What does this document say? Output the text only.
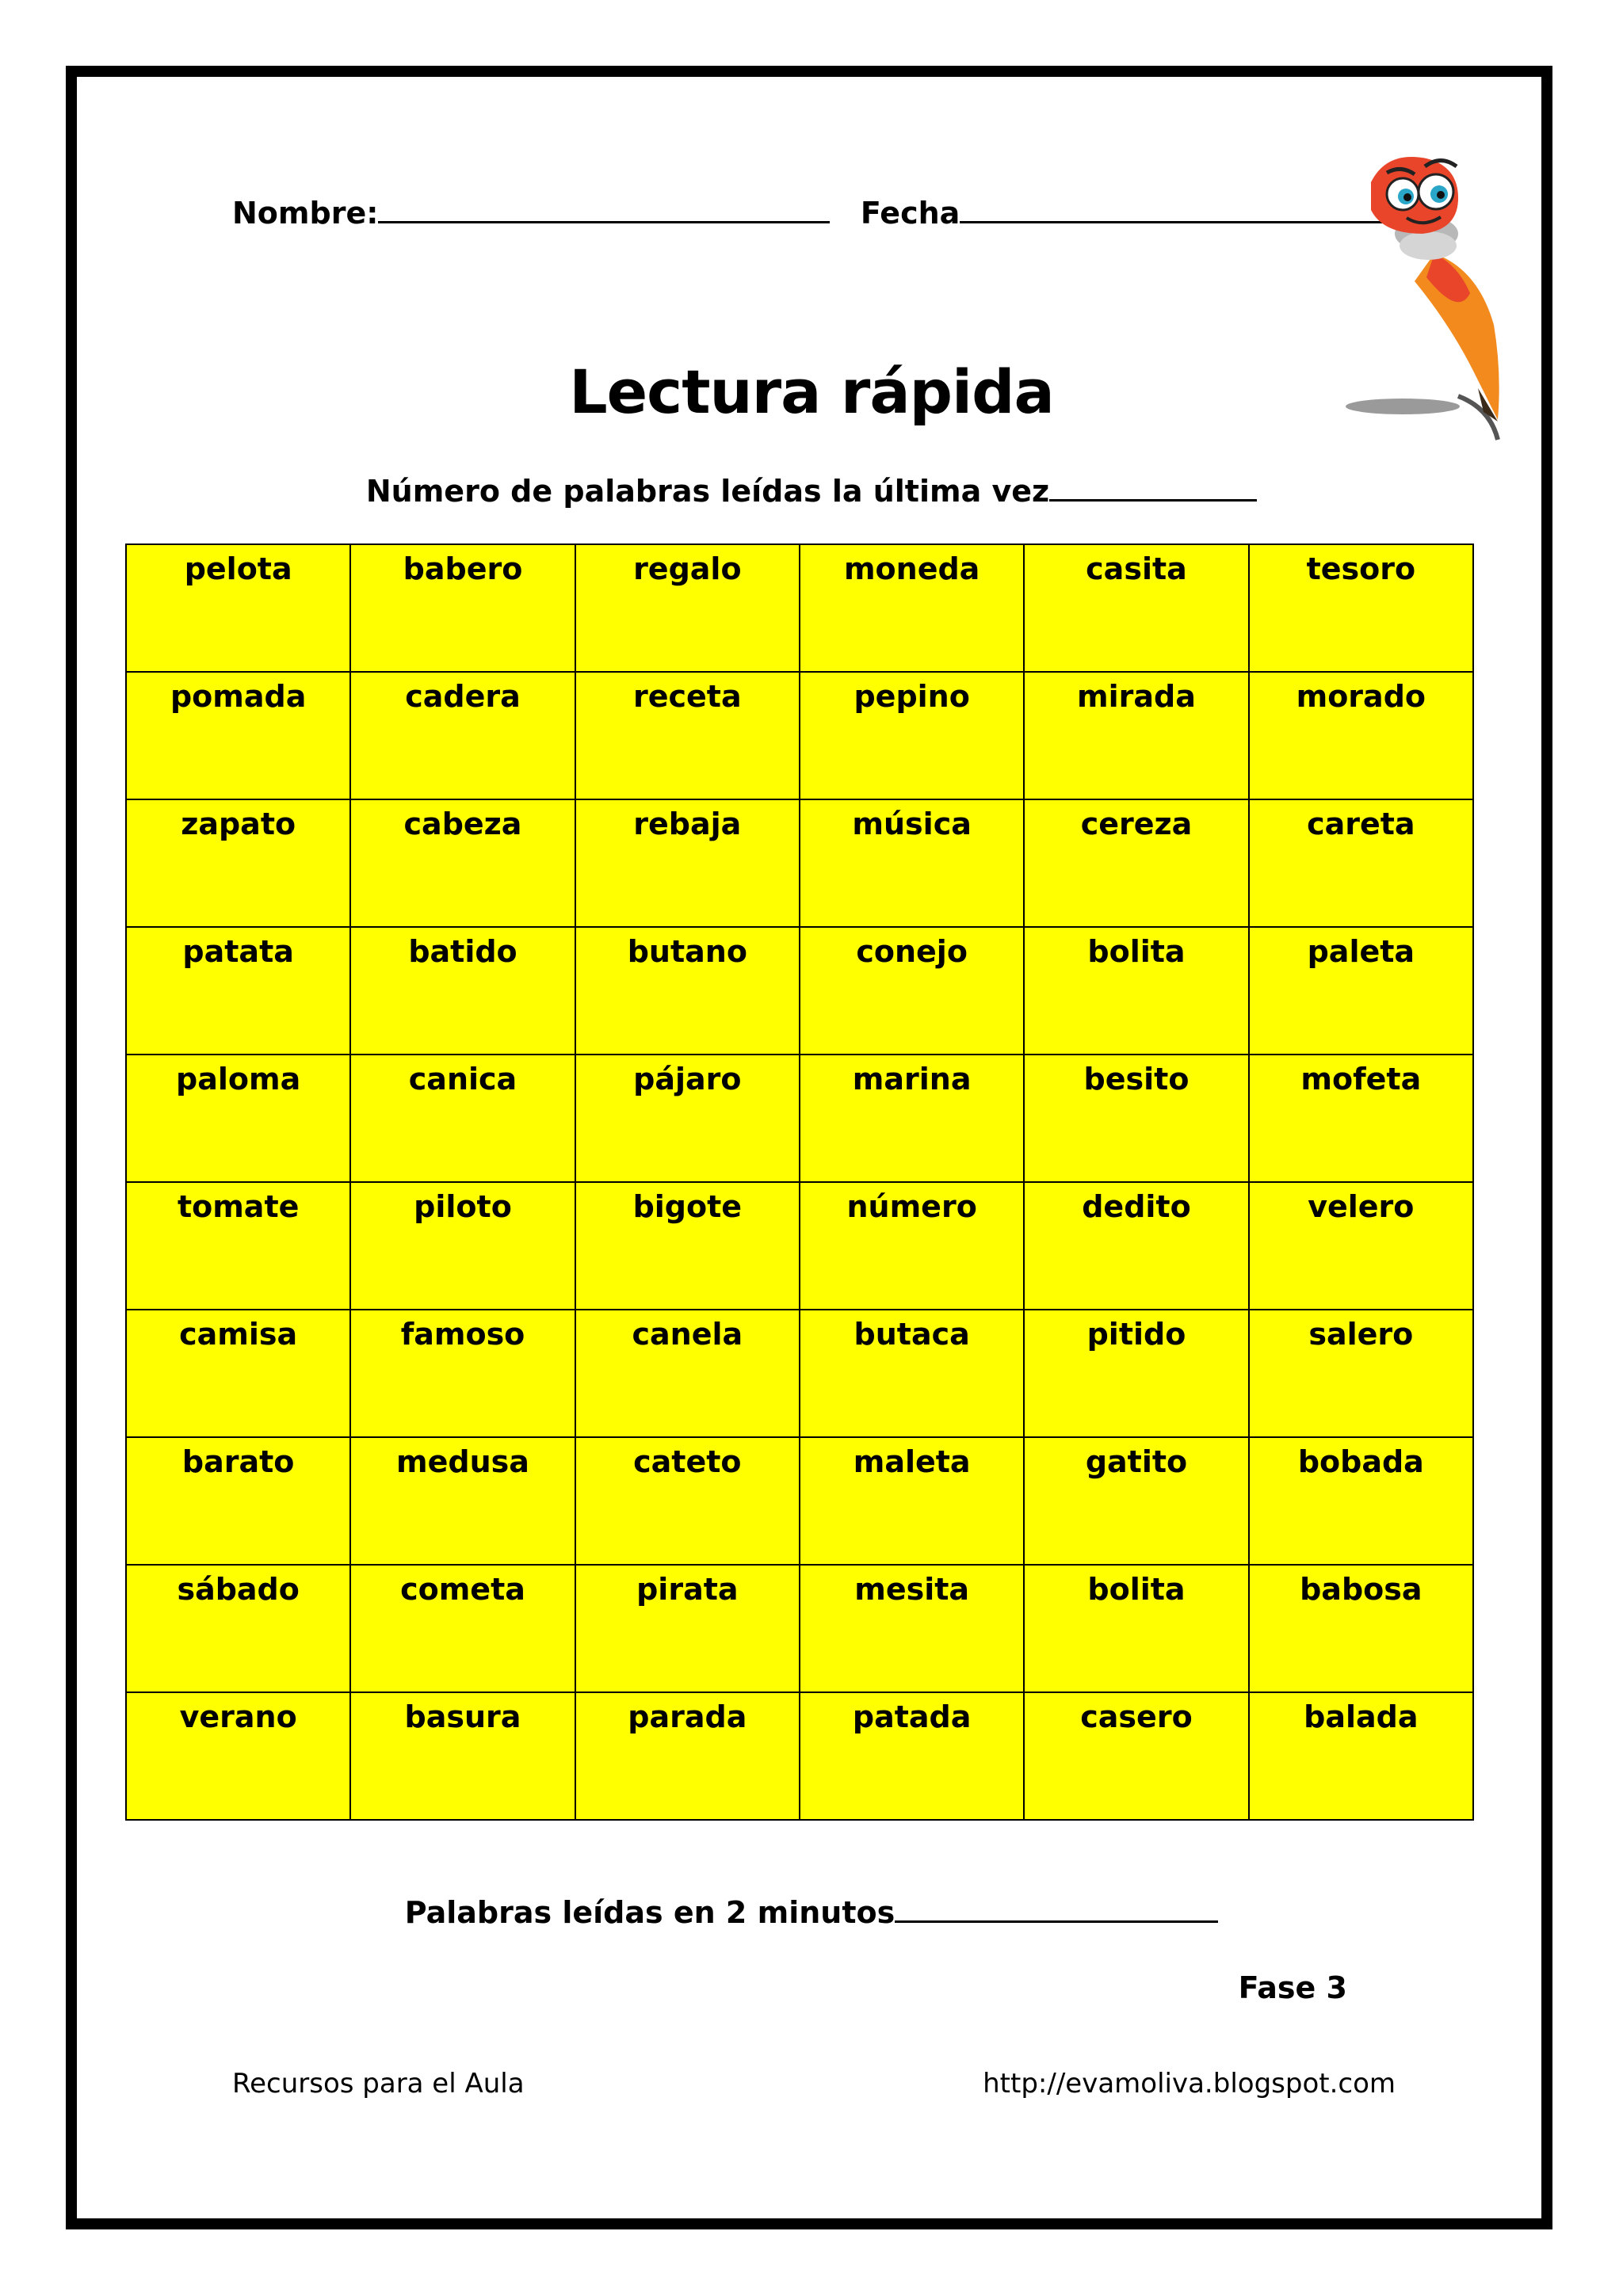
Nombre:	Fecha
Lectura rápida
Número de palabras leídas la última vez
pelota	babero	regalo	moneda	casita	tesoro
pomada	cadera	receta	pepino	mirada	morado
zapato	cabeza	rebaja	música	cereza	careta
patata	batido	butano	conejo	bolita	paleta
paloma	canica	pájaro	marina	besito	mofeta
tomate	piloto	bigote	número	dedito	velero
camisa	famoso	canela	butaca	pitido	salero
barato	medusa	cateto	maleta	gatito	bobada
sábado	cometa	pirata	mesita	bolita	babosa
verano	basura	parada	patada	casero	balada
Palabras leídas en 2 minutos
Fase 3
Recursos para el Aula	http://evamoliva.blogspot.com
